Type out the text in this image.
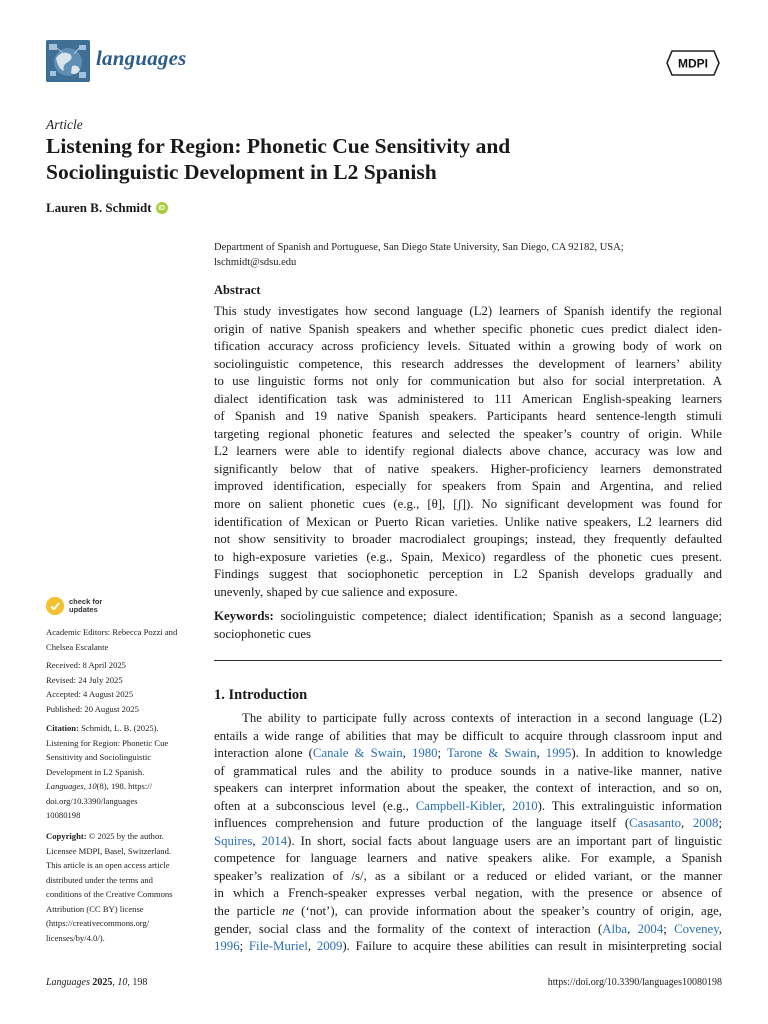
languages	MDPI
Article
Listening for Region: Phonetic Cue Sensitivity and
Sociolinguistic Development in L2 Spanish
Lauren B. Schmidt iD
Department of Spanish and Portuguese, San Diego State University, San Diego, CA 92182, USA;
lschmidt@sdsu.edu
Abstract
This study investigates how second language (L2) learners of Spanish identify the regional
origin of native Spanish speakers and whether specific phonetic cues predict dialect iden-
tification accuracy across proficiency levels. Situated within a growing body of work on
sociolinguistic competence, this research addresses the development of learners’ ability
to use linguistic forms not only for communication but also for social interpretation. A
dialect identification task was administered to 111 American English-speaking learners
of Spanish and 19 native Spanish speakers. Participants heard sentence-length stimuli
targeting regional phonetic features and selected the speaker’s country of origin. While
L2 learners were able to identify regional dialects above chance, accuracy was low and
significantly below that of native speakers. Higher-proficiency learners demonstrated
improved identification, especially for speakers from Spain and Argentina, and relied
more on salient phonetic cues (e.g., [θ], [ʃ]). No significant development was found for
identification of Mexican or Puerto Rican varieties. Unlike native speakers, L2 learners did
not show sensitivity to broader macrodialect groupings; instead, they frequently defaulted
to high-exposure varieties (e.g., Spain, Mexico) regardless of the phonetic cues present.
Findings suggest that sociophonetic perception in L2 Spanish develops gradually and
unevenly, shaped by cue salience and exposure.
Keywords: sociolinguistic competence; dialect identification; Spanish as a second language;
sociophonetic cues
1. Introduction
The ability to participate fully across contexts of interaction in a second language (L2)
entails a wide range of abilities that may be difficult to acquire through classroom input and
interaction alone (Canale & Swain, 1980; Tarone & Swain, 1995). In addition to knowledge
of grammatical rules and the ability to produce sounds in a native-like manner, native
speakers can interpret information about the speaker, the context of interaction, and so on,
often at a subconscious level (e.g., Campbell-Kibler, 2010). This extralinguistic information
influences comprehension and future production of the language itself (Casasanto, 2008;
Squires, 2014). In short, social facts about language users are an important part of linguistic
competence for language learners and native speakers alike. For example, a Spanish
speaker’s realization of /s/, as a sibilant or a reduced or elided variant, or the manner
in which a French-speaker expresses verbal negation, with the presence or absence of
the particle ne (‘not’), can provide information about the speaker’s country of origin, age,
gender, social class and the formality of the context of interaction (Alba, 2004; Coveney,
1996; File-Muriel, 2009). Failure to acquire these abilities can result in misinterpreting social
check for
updates
Academic Editors: Rebecca Pozzi and
Chelsea Escalante
Received: 8 April 2025
Revised: 24 July 2025
Accepted: 4 August 2025
Published: 20 August 2025
Citation: Schmidt, L. B. (2025).
Listening for Region: Phonetic Cue
Sensitivity and Sociolinguistic
Development in L2 Spanish.
Languages, 10(8), 198. https://
doi.org/10.3390/languages
10080198
Copyright: © 2025 by the author.
Licensee MDPI, Basel, Switzerland.
This article is an open access article
distributed under the terms and
conditions of the Creative Commons
Attribution (CC BY) license
(https://creativecommons.org/
licenses/by/4.0/).
Languages 2025, 10, 198	https://doi.org/10.3390/languages10080198
